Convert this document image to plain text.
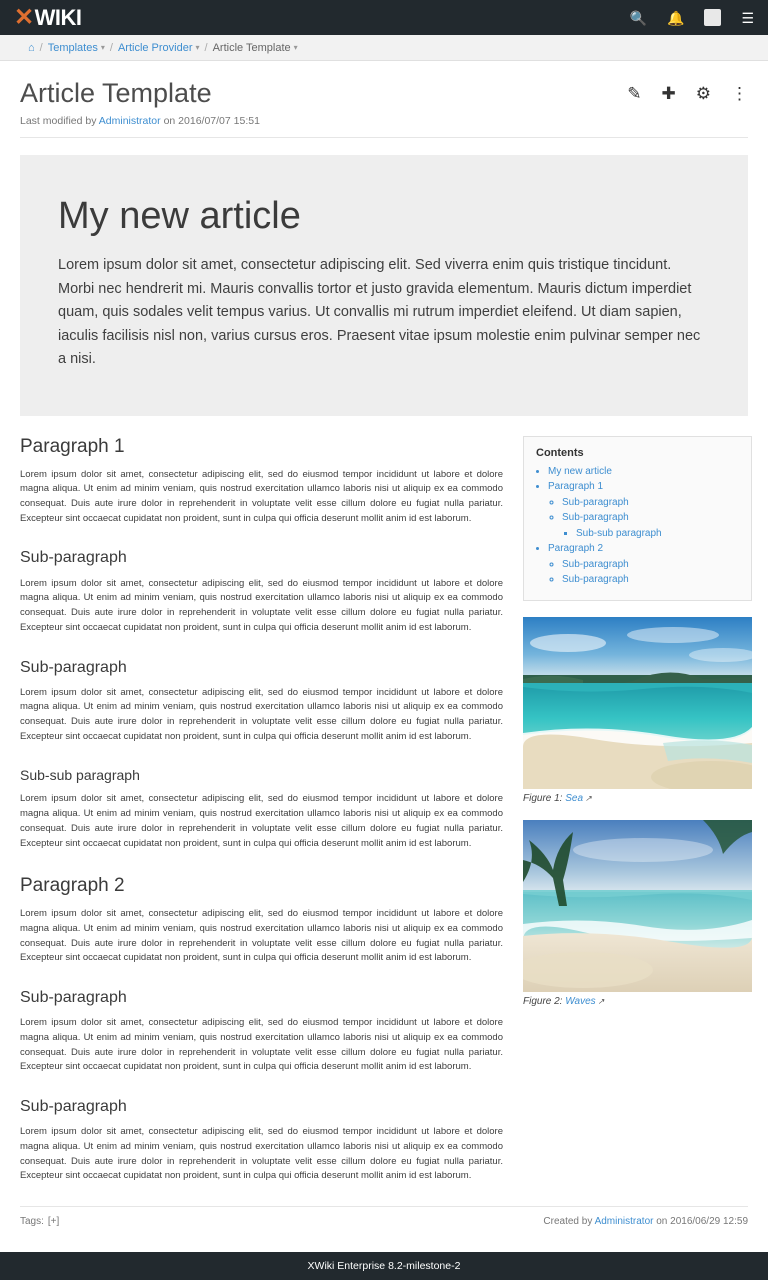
✕ WIKI	🔍 🔔	☰
⌂ / Templates ▾ / Article Provider ▾ / Article Template ▾
Article Template	✎ ✚ ⚙ ⋮
Last modified by Administrator on 2016/07/07 15:51
My new article

Lorem ipsum dolor sit amet, consectetur adipiscing elit. Sed viverra enim quis tristique tincidunt. Morbi nec hendrerit mi. Mauris convallis tortor et justo gravida elementum. Mauris dictum imperdiet quam, quis sodales velit tempus varius. Ut convallis mi rutrum imperdiet eleifend. Ut diam sapien, iaculis facilisis nisl non, varius cursus eros. Praesent vitae ipsum molestie enim pulvinar semper nec a nisi.

Paragraph 1

Lorem ipsum dolor sit amet, consectetur adipiscing elit, sed do eiusmod tempor incididunt ut labore et dolore magna aliqua. Ut enim ad minim veniam, quis nostrud exercitation ullamco laboris nisi ut aliquip ex ea commodo consequat. Duis aute irure dolor in reprehenderit in voluptate velit esse cillum dolore eu fugiat nulla pariatur. Excepteur sint occaecat cupidatat non proident, sunt in culpa qui officia deserunt mollit anim id est laborum.

Sub-paragraph

Lorem ipsum dolor sit amet, consectetur adipiscing elit, sed do eiusmod tempor incididunt ut labore et dolore magna aliqua. Ut enim ad minim veniam, quis nostrud exercitation ullamco laboris nisi ut aliquip ex ea commodo consequat. Duis aute irure dolor in reprehenderit in voluptate velit esse cillum dolore eu fugiat nulla pariatur. Excepteur sint occaecat cupidatat non proident, sunt in culpa qui officia deserunt mollit anim id est laborum.

Sub-paragraph

Lorem ipsum dolor sit amet, consectetur adipiscing elit, sed do eiusmod tempor incididunt ut labore et dolore magna aliqua. Ut enim ad minim veniam, quis nostrud exercitation ullamco laboris nisi ut aliquip ex ea commodo consequat. Duis aute irure dolor in reprehenderit in voluptate velit esse cillum dolore eu fugiat nulla pariatur. Excepteur sint occaecat cupidatat non proident, sunt in culpa qui officia deserunt mollit anim id est laborum.

Sub-sub paragraph

Lorem ipsum dolor sit amet, consectetur adipiscing elit, sed do eiusmod tempor incididunt ut labore et dolore magna aliqua. Ut enim ad minim veniam, quis nostrud exercitation ullamco laboris nisi ut aliquip ex ea commodo consequat. Duis aute irure dolor in reprehenderit in voluptate velit esse cillum dolore eu fugiat nulla pariatur. Excepteur sint occaecat cupidatat non proident, sunt in culpa qui officia deserunt mollit anim id est laborum.

Paragraph 2

Lorem ipsum dolor sit amet, consectetur adipiscing elit, sed do eiusmod tempor incididunt ut labore et dolore magna aliqua. Ut enim ad minim veniam, quis nostrud exercitation ullamco laboris nisi ut aliquip ex ea commodo consequat. Duis aute irure dolor in reprehenderit in voluptate velit esse cillum dolore eu fugiat nulla pariatur. Excepteur sint occaecat cupidatat non proident, sunt in culpa qui officia deserunt mollit anim id est laborum.

Sub-paragraph

Lorem ipsum dolor sit amet, consectetur adipiscing elit, sed do eiusmod tempor incididunt ut labore et dolore magna aliqua. Ut enim ad minim veniam, quis nostrud exercitation ullamco laboris nisi ut aliquip ex ea commodo consequat. Duis aute irure dolor in reprehenderit in voluptate velit esse cillum dolore eu fugiat nulla pariatur. Excepteur sint occaecat cupidatat non proident, sunt in culpa qui officia deserunt mollit anim id est laborum.

Sub-paragraph

Lorem ipsum dolor sit amet, consectetur adipiscing elit, sed do eiusmod tempor incididunt ut labore et dolore magna aliqua. Ut enim ad minim veniam, quis nostrud exercitation ullamco laboris nisi ut aliquip ex ea commodo consequat. Duis aute irure dolor in reprehenderit in voluptate velit esse cillum dolore eu fugiat nulla pariatur. Excepteur sint occaecat cupidatat non proident, sunt in culpa qui officia deserunt mollit anim id est laborum.

Contents
• My new article
• Paragraph 1
◦ Sub-paragraph
◦ Sub-paragraph
▪ Sub-sub paragraph
• Paragraph 2
◦ Sub-paragraph
◦ Sub-paragraph
Figure 1: Sea ↗
Figure 2: Waves ↗
Tags: [+]	Created by Administrator on 2016/06/29 12:59
XWiki Enterprise 8.2-milestone-2
